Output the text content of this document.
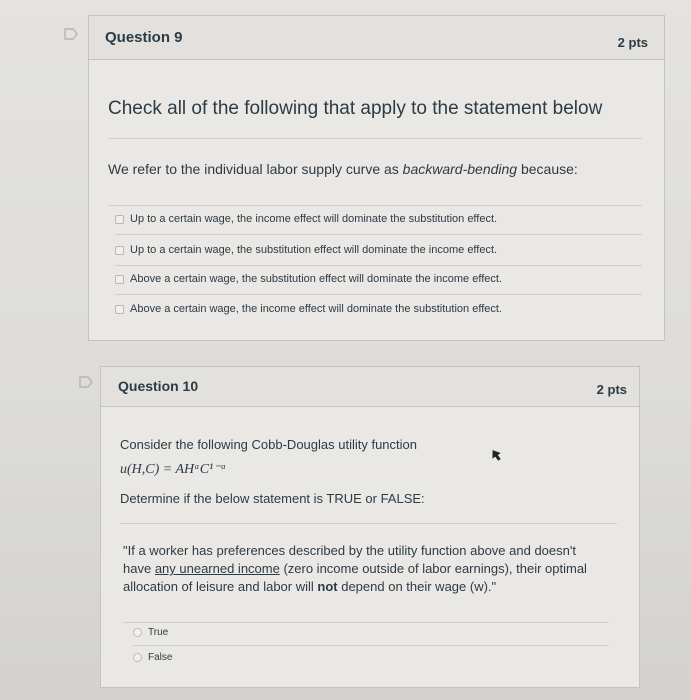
Question 9	2 pts
Check all of the following that apply to the statement below
We refer to the individual labor supply curve as backward-bending because:
Up to a certain wage, the income effect will dominate the substitution effect.
Up to a certain wage, the substitution effect will dominate the income effect.
Above a certain wage, the substitution effect will dominate the income effect.
Above a certain wage, the income effect will dominate the substitution effect.
Question 10	2 pts
Consider the following Cobb-Douglas utility function
u(H,C) = AHᵅC¹⁻ᵅ
Determine if the below statement is TRUE or FALSE:
"If a worker has preferences described by the utility function above and doesn't have any unearned income (zero income outside of labor earnings), their optimal allocation of leisure and labor will not depend on their wage (w)."
True
False
